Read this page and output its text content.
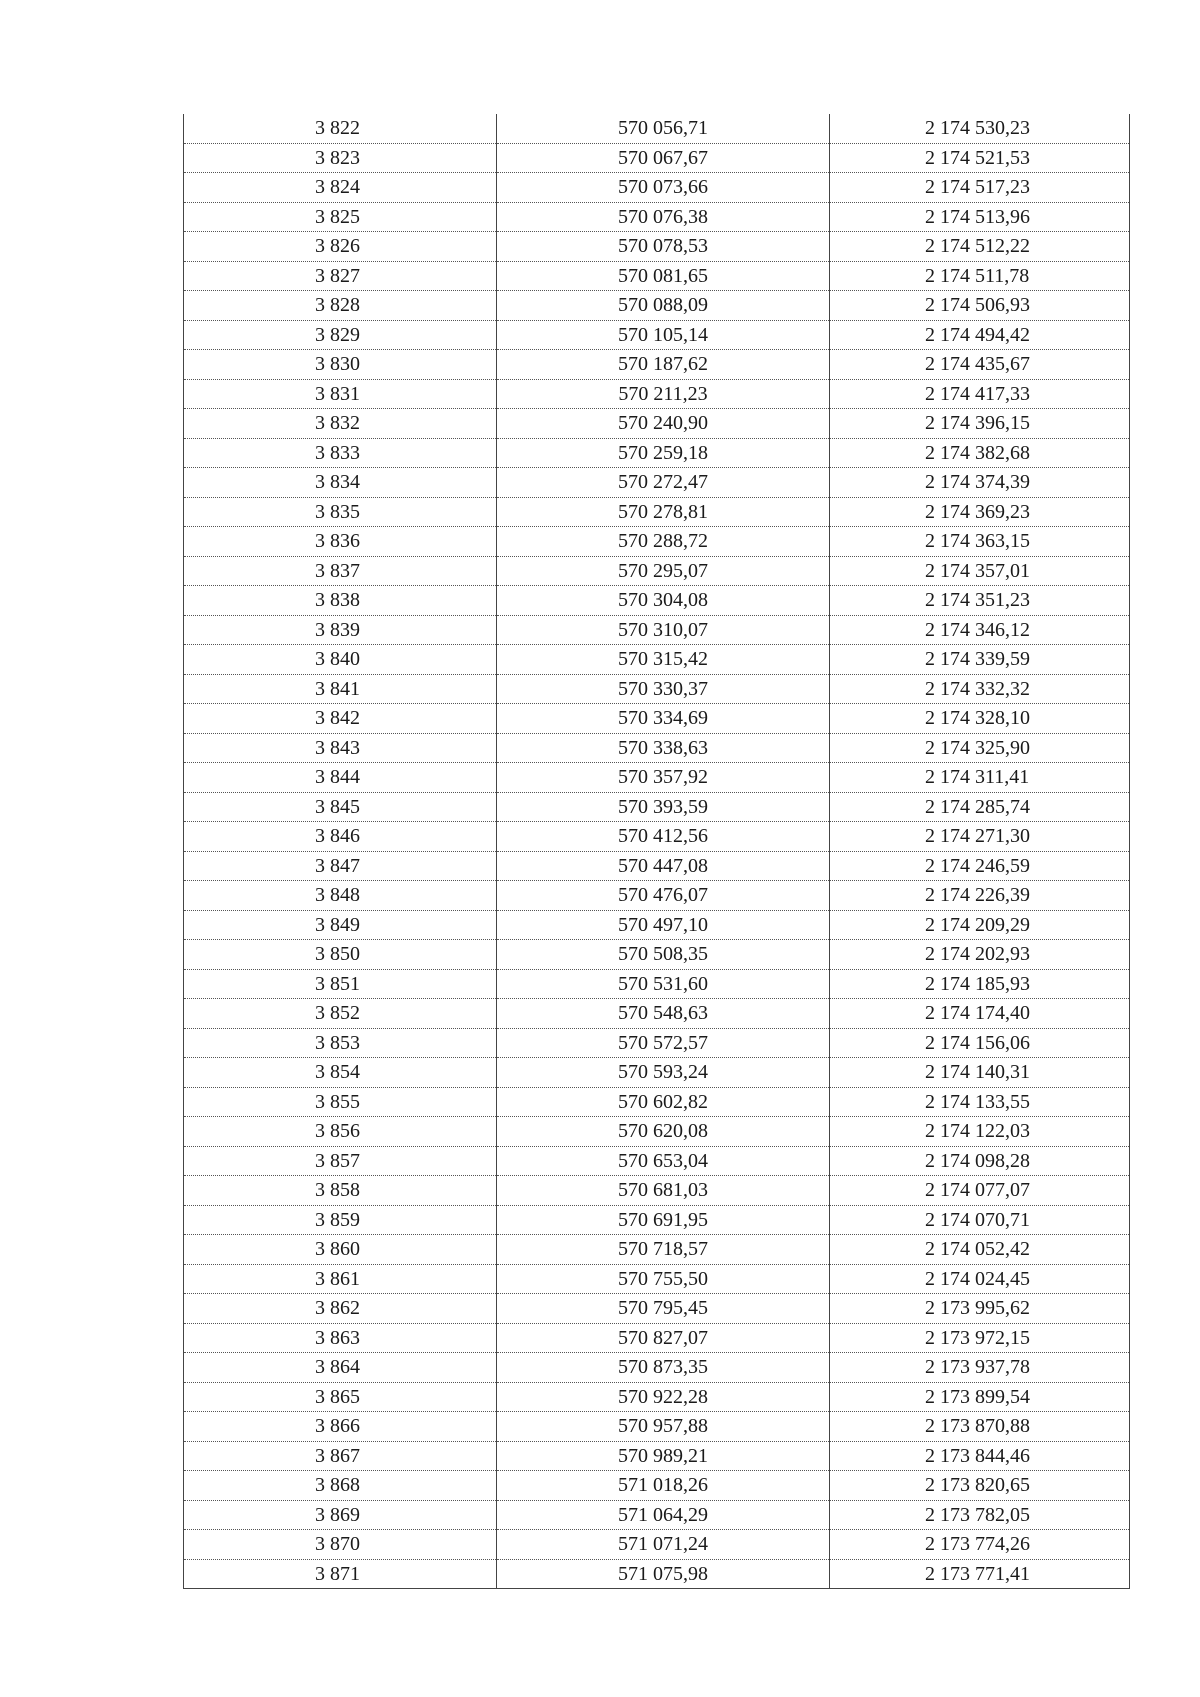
3 822	570 056,71	2 174 530,23
3 823	570 067,67	2 174 521,53
3 824	570 073,66	2 174 517,23
3 825	570 076,38	2 174 513,96
3 826	570 078,53	2 174 512,22
3 827	570 081,65	2 174 511,78
3 828	570 088,09	2 174 506,93
3 829	570 105,14	2 174 494,42
3 830	570 187,62	2 174 435,67
3 831	570 211,23	2 174 417,33
3 832	570 240,90	2 174 396,15
3 833	570 259,18	2 174 382,68
3 834	570 272,47	2 174 374,39
3 835	570 278,81	2 174 369,23
3 836	570 288,72	2 174 363,15
3 837	570 295,07	2 174 357,01
3 838	570 304,08	2 174 351,23
3 839	570 310,07	2 174 346,12
3 840	570 315,42	2 174 339,59
3 841	570 330,37	2 174 332,32
3 842	570 334,69	2 174 328,10
3 843	570 338,63	2 174 325,90
3 844	570 357,92	2 174 311,41
3 845	570 393,59	2 174 285,74
3 846	570 412,56	2 174 271,30
3 847	570 447,08	2 174 246,59
3 848	570 476,07	2 174 226,39
3 849	570 497,10	2 174 209,29
3 850	570 508,35	2 174 202,93
3 851	570 531,60	2 174 185,93
3 852	570 548,63	2 174 174,40
3 853	570 572,57	2 174 156,06
3 854	570 593,24	2 174 140,31
3 855	570 602,82	2 174 133,55
3 856	570 620,08	2 174 122,03
3 857	570 653,04	2 174 098,28
3 858	570 681,03	2 174 077,07
3 859	570 691,95	2 174 070,71
3 860	570 718,57	2 174 052,42
3 861	570 755,50	2 174 024,45
3 862	570 795,45	2 173 995,62
3 863	570 827,07	2 173 972,15
3 864	570 873,35	2 173 937,78
3 865	570 922,28	2 173 899,54
3 866	570 957,88	2 173 870,88
3 867	570 989,21	2 173 844,46
3 868	571 018,26	2 173 820,65
3 869	571 064,29	2 173 782,05
3 870	571 071,24	2 173 774,26
3 871	571 075,98	2 173 771,41
